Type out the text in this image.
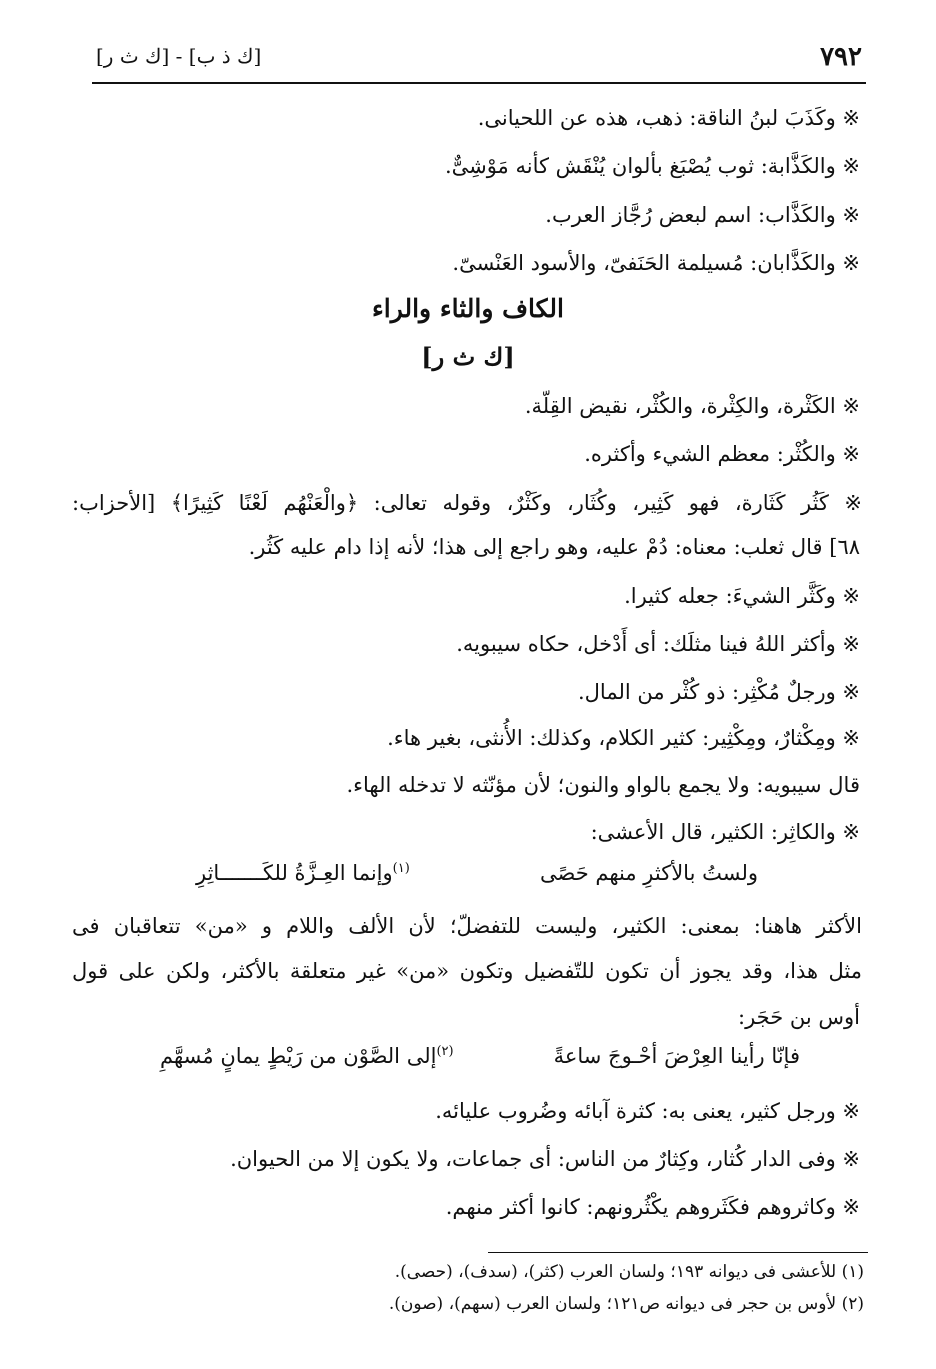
٧٩٢
[ك ذ ب] - [ك ث ر]
※ وكَذَبَ لبنُ الناقة: ذهب، هذه عن اللحيانى.
※ والكَذَّابة: ثوب يُصْبَغ بألوان يُنْقَش كأنه مَوْشِىٌّ.
※ والكَذَّاب: اسم لبعض رُجَّاز العرب.
※ والكَذَّابان: مُسيلمة الحَنَفىّ، والأسود العَنْسىّ.
الكاف والثاء والراء
[ك ث ر]
※ الكَثْرة، والكِثْرة، والكُثْر، نقيض القِلّة.
※ والكُثْر: معظم الشيء وأكثره.
※ كَثُر كَثَارة، فهو كَثِير، وكُثَار، وكَثْرٌ، وقوله تعالى: ﴿والْعَنْهُم لَعْنًا كَثِيرًا﴾ [الأحزاب:
٦٨] قال ثعلب: معناه: دُمْ عليه، وهو راجع إلى هذا؛ لأنه إذا دام عليه كَثُر.
※ وكَثَّر الشيءَ: جعله كثيرا.
※ وأكثر اللهُ فينا مثلَك: أى أَدْخل، حكاه سيبويه.
※ ورجلٌ مُكْثِر: ذو كُثْر من المال.
※ ومِكْثارٌ، ومِكْثِير: كثير الكلام، وكذلك: الأُنثى، بغير هاء.
قال سيبويه: ولا يجمع بالواو والنون؛ لأن مؤنّثه لا تدخله الهاء.
※ والكاثِر: الكثير، قال الأعشى:
ولستُ بالأكثرِ منهم حَصًى
$^{(١)}$وإنما العِـزَّةُ للكَـــــــاثِرِ
الأكثر هاهنا: بمعنى: الكثير، وليست للتفضلّ؛ لأن الألف واللام و «من» تتعاقبان فى
مثل هذا، وقد يجوز أن تكون للتّفضيل وتكون «من» غير متعلقة بالأكثر، ولكن على قول
أوس بن حَجَر:
فإنّا رأينا العِرْضَ أحْـوجَ ساعةً
$^{(٢)}$إلى الصَّوْن من رَيْطٍ يمانٍ مُسهَّمِ
※ ورجل كثير، يعنى به: كثرة آبائه وضُروب عليائه.
※ وفى الدار كُثار، وكِثارٌ من الناس: أى جماعات، ولا يكون إلا من الحيوان.
※ وكاثروهم فكَثَروهم يكْثُرونهم: كانوا أكثر منهم.
(١) للأعشى فى ديوانه ١٩٣؛ ولسان العرب (كثر)، (سدف)، (حصى).
(٢) لأوس بن حجر فى ديوانه ص١٢١؛ ولسان العرب (سهم)، (صون).
